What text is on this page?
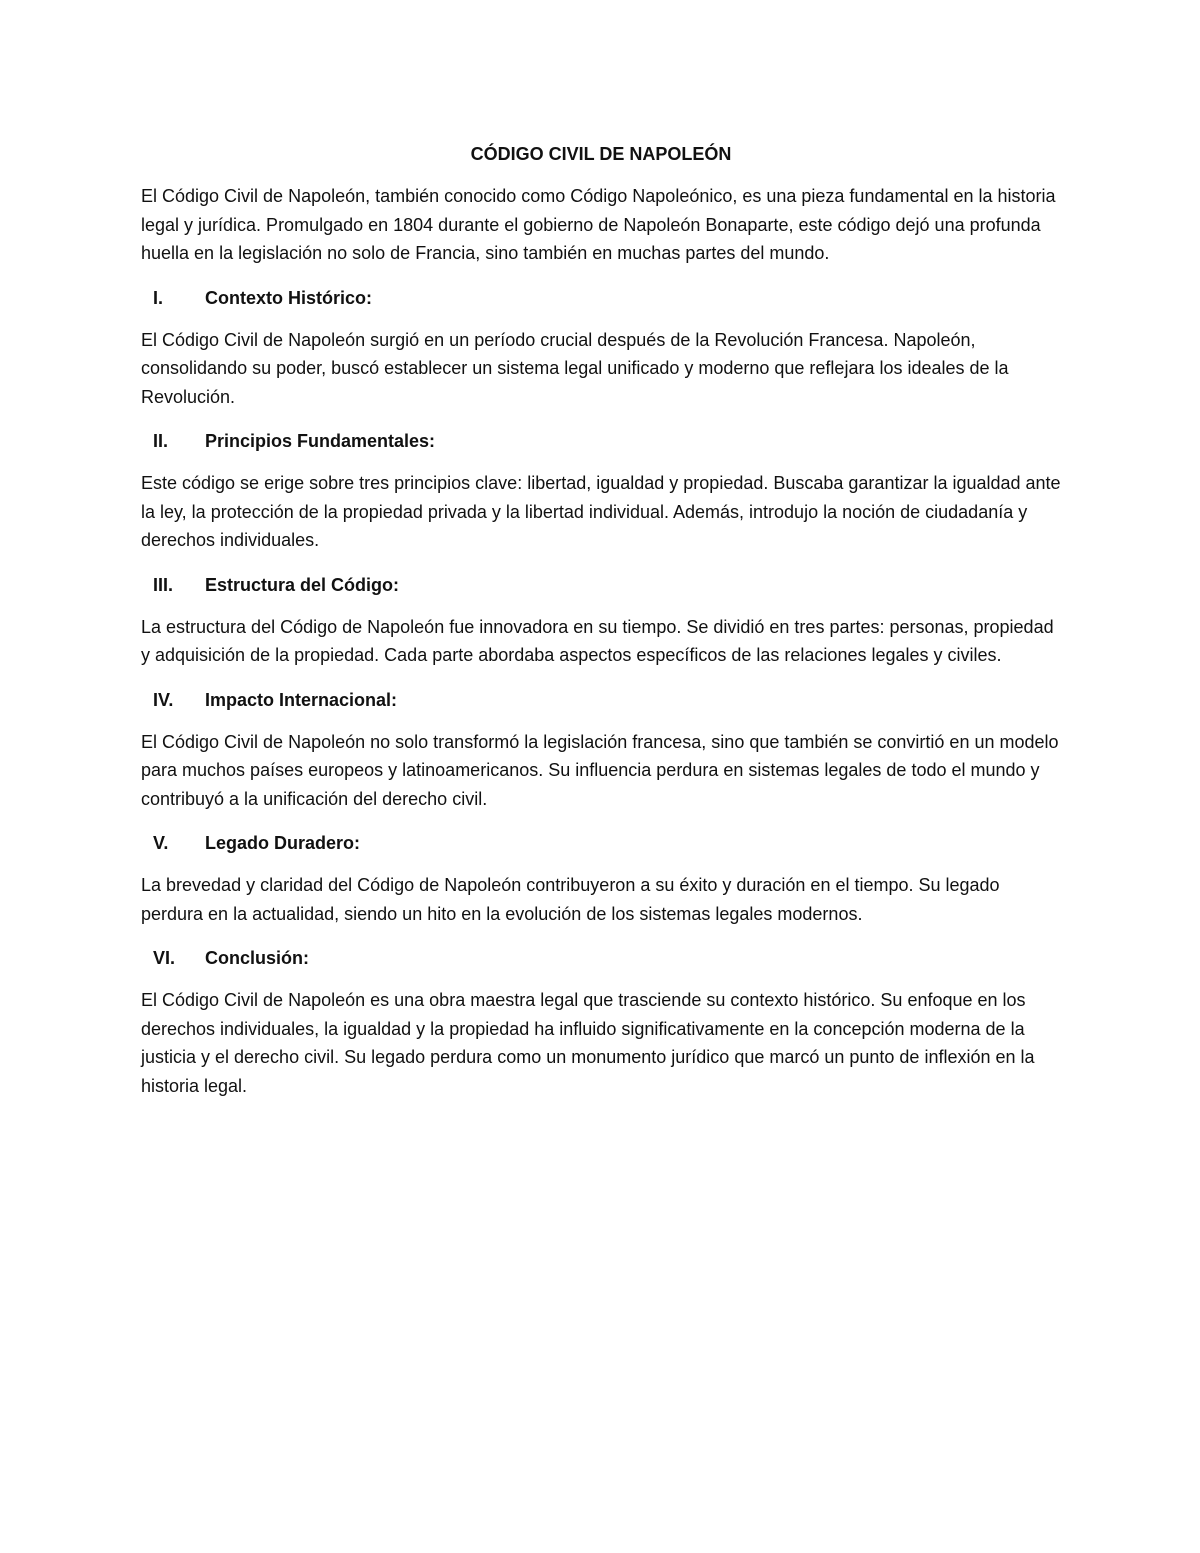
CÓDIGO CIVIL DE NAPOLEÓN

El Código Civil de Napoleón, también conocido como Código Napoleónico, es una pieza fundamental en la historia legal y jurídica. Promulgado en 1804 durante el gobierno de Napoleón Bonaparte, este código dejó una profunda huella en la legislación no solo de Francia, sino también en muchas partes del mundo.

I.	Contexto Histórico:

El Código Civil de Napoleón surgió en un período crucial después de la Revolución Francesa. Napoleón, consolidando su poder, buscó establecer un sistema legal unificado y moderno que reflejara los ideales de la Revolución.

II.	Principios Fundamentales:

Este código se erige sobre tres principios clave: libertad, igualdad y propiedad. Buscaba garantizar la igualdad ante la ley, la protección de la propiedad privada y la libertad individual. Además, introdujo la noción de ciudadanía y derechos individuales.

III.	Estructura del Código:

La estructura del Código de Napoleón fue innovadora en su tiempo. Se dividió en tres partes: personas, propiedad y adquisición de la propiedad. Cada parte abordaba aspectos específicos de las relaciones legales y civiles.

IV.	Impacto Internacional:

El Código Civil de Napoleón no solo transformó la legislación francesa, sino que también se convirtió en un modelo para muchos países europeos y latinoamericanos. Su influencia perdura en sistemas legales de todo el mundo y contribuyó a la unificación del derecho civil.

V.	Legado Duradero:

La brevedad y claridad del Código de Napoleón contribuyeron a su éxito y duración en el tiempo. Su legado perdura en la actualidad, siendo un hito en la evolución de los sistemas legales modernos.

VI.	Conclusión:

El Código Civil de Napoleón es una obra maestra legal que trasciende su contexto histórico. Su enfoque en los derechos individuales, la igualdad y la propiedad ha influido significativamente en la concepción moderna de la justicia y el derecho civil. Su legado perdura como un monumento jurídico que marcó un punto de inflexión en la historia legal.
